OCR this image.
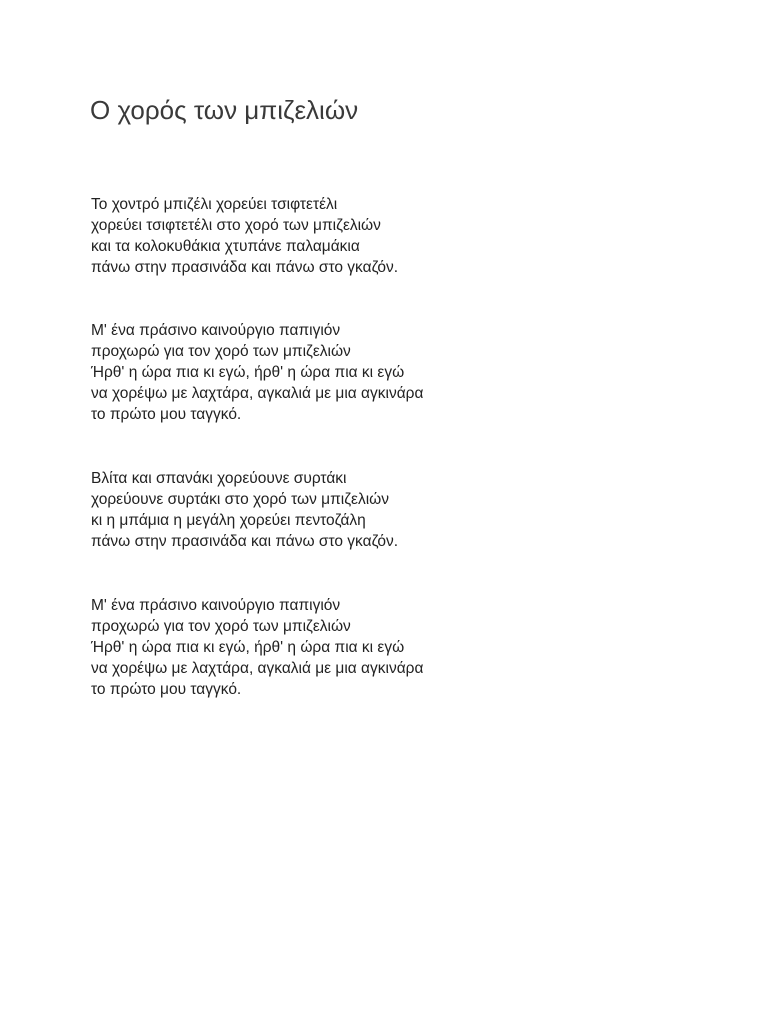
Ο χορός των μπιζελιών
Το χοντρό μπιζέλι χορεύει τσιφτετέλι
χορεύει τσιφτετέλι στο χορό των μπιζελιών
και τα κολοκυθάκια χτυπάνε παλαμάκια
πάνω στην πρασινάδα και πάνω στο γκαζόν.
Μ' ένα πράσινο καινούργιο παπιγιόν
προχωρώ για τον χορό των μπιζελιών
Ήρθ' η ώρα πια κι εγώ, ήρθ' η ώρα πια κι εγώ
να χορέψω με λαχτάρα, αγκαλιά με μια αγκινάρα
το πρώτο μου ταγγκό.
Βλίτα και σπανάκι χορεύουνε συρτάκι
χορεύουνε συρτάκι στο χορό των μπιζελιών
κι η μπάμια η μεγάλη χορεύει πεντοζάλη
πάνω στην πρασινάδα και πάνω στο γκαζόν.
Μ' ένα πράσινο καινούργιο παπιγιόν
προχωρώ για τον χορό των μπιζελιών
Ήρθ' η ώρα πια κι εγώ, ήρθ' η ώρα πια κι εγώ
να χορέψω με λαχτάρα, αγκαλιά με μια αγκινάρα
το πρώτο μου ταγγκό.
